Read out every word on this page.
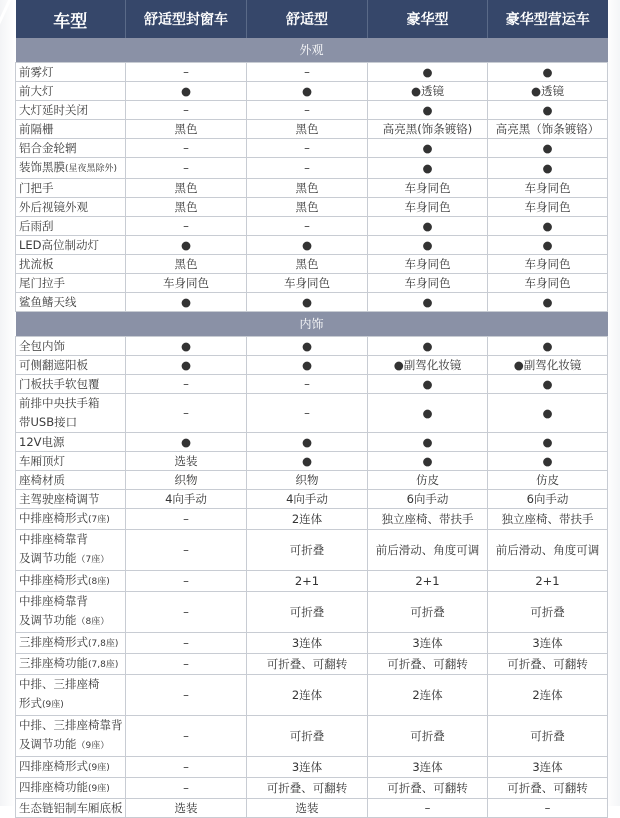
车型	舒适型封窗车	舒适型	豪华型	豪华型营运车
外观				
前雾灯	–	–	●	●
前大灯	●	●	●透镜	●透镜
大灯延时关闭	–	–	●	●
前隔栅	黑色	黑色	高亮黑(饰条镀铬)	高亮黑（饰条镀铬）
铝合金轮辋	–	–	●	●
装饰黑膜(星夜黑除外)	–	–	●	●
门把手	黑色	黑色	车身同色	车身同色
外后视镜外观	黑色	黑色	车身同色	车身同色
后雨刮	–	–	●	●
LED高位制动灯	●	●	●	●
扰流板	黑色	黑色	车身同色	车身同色
尾门拉手	车身同色	车身同色	车身同色	车身同色
鲨鱼鳍天线	●	●	●	●
内饰				
全包内饰	●	●	●	●
可侧翻遮阳板	●	●	●副驾化妆镜	●副驾化妆镜
门板扶手软包覆	–	–	●	●
前排中央扶手箱
带USB接口	–	–	●	●
12V电源	●	●	●	●
车厢顶灯	选装	●	●	●
座椅材质	织物	织物	仿皮	仿皮
主驾驶座椅调节	4向手动	4向手动	6向手动	6向手动
中排座椅形式(7座)	–	2连体	独立座椅、带扶手	独立座椅、带扶手
中排座椅靠背
及调节功能（7座）	–	可折叠	前后滑动、角度可调	前后滑动、角度可调
中排座椅形式(8座)	–	2+1	2+1	2+1
中排座椅靠背
及调节功能（8座）	–	可折叠	可折叠	可折叠
三排座椅形式(7,8座)	–	3连体	3连体	3连体
三排座椅功能(7,8座)	–	可折叠、可翻转	可折叠、可翻转	可折叠、可翻转
中排、三排座椅
形式(9座)	–	2连体	2连体	2连体
中排、三排座椅靠背
及调节功能（9座）	–	可折叠	可折叠	可折叠
四排座椅形式(9座)	–	3连体	3连体	3连体
四排座椅功能(9座)	–	可折叠、可翻转	可折叠、可翻转	可折叠、可翻转
生态链铝制车厢底板	选装	选装	–	–
